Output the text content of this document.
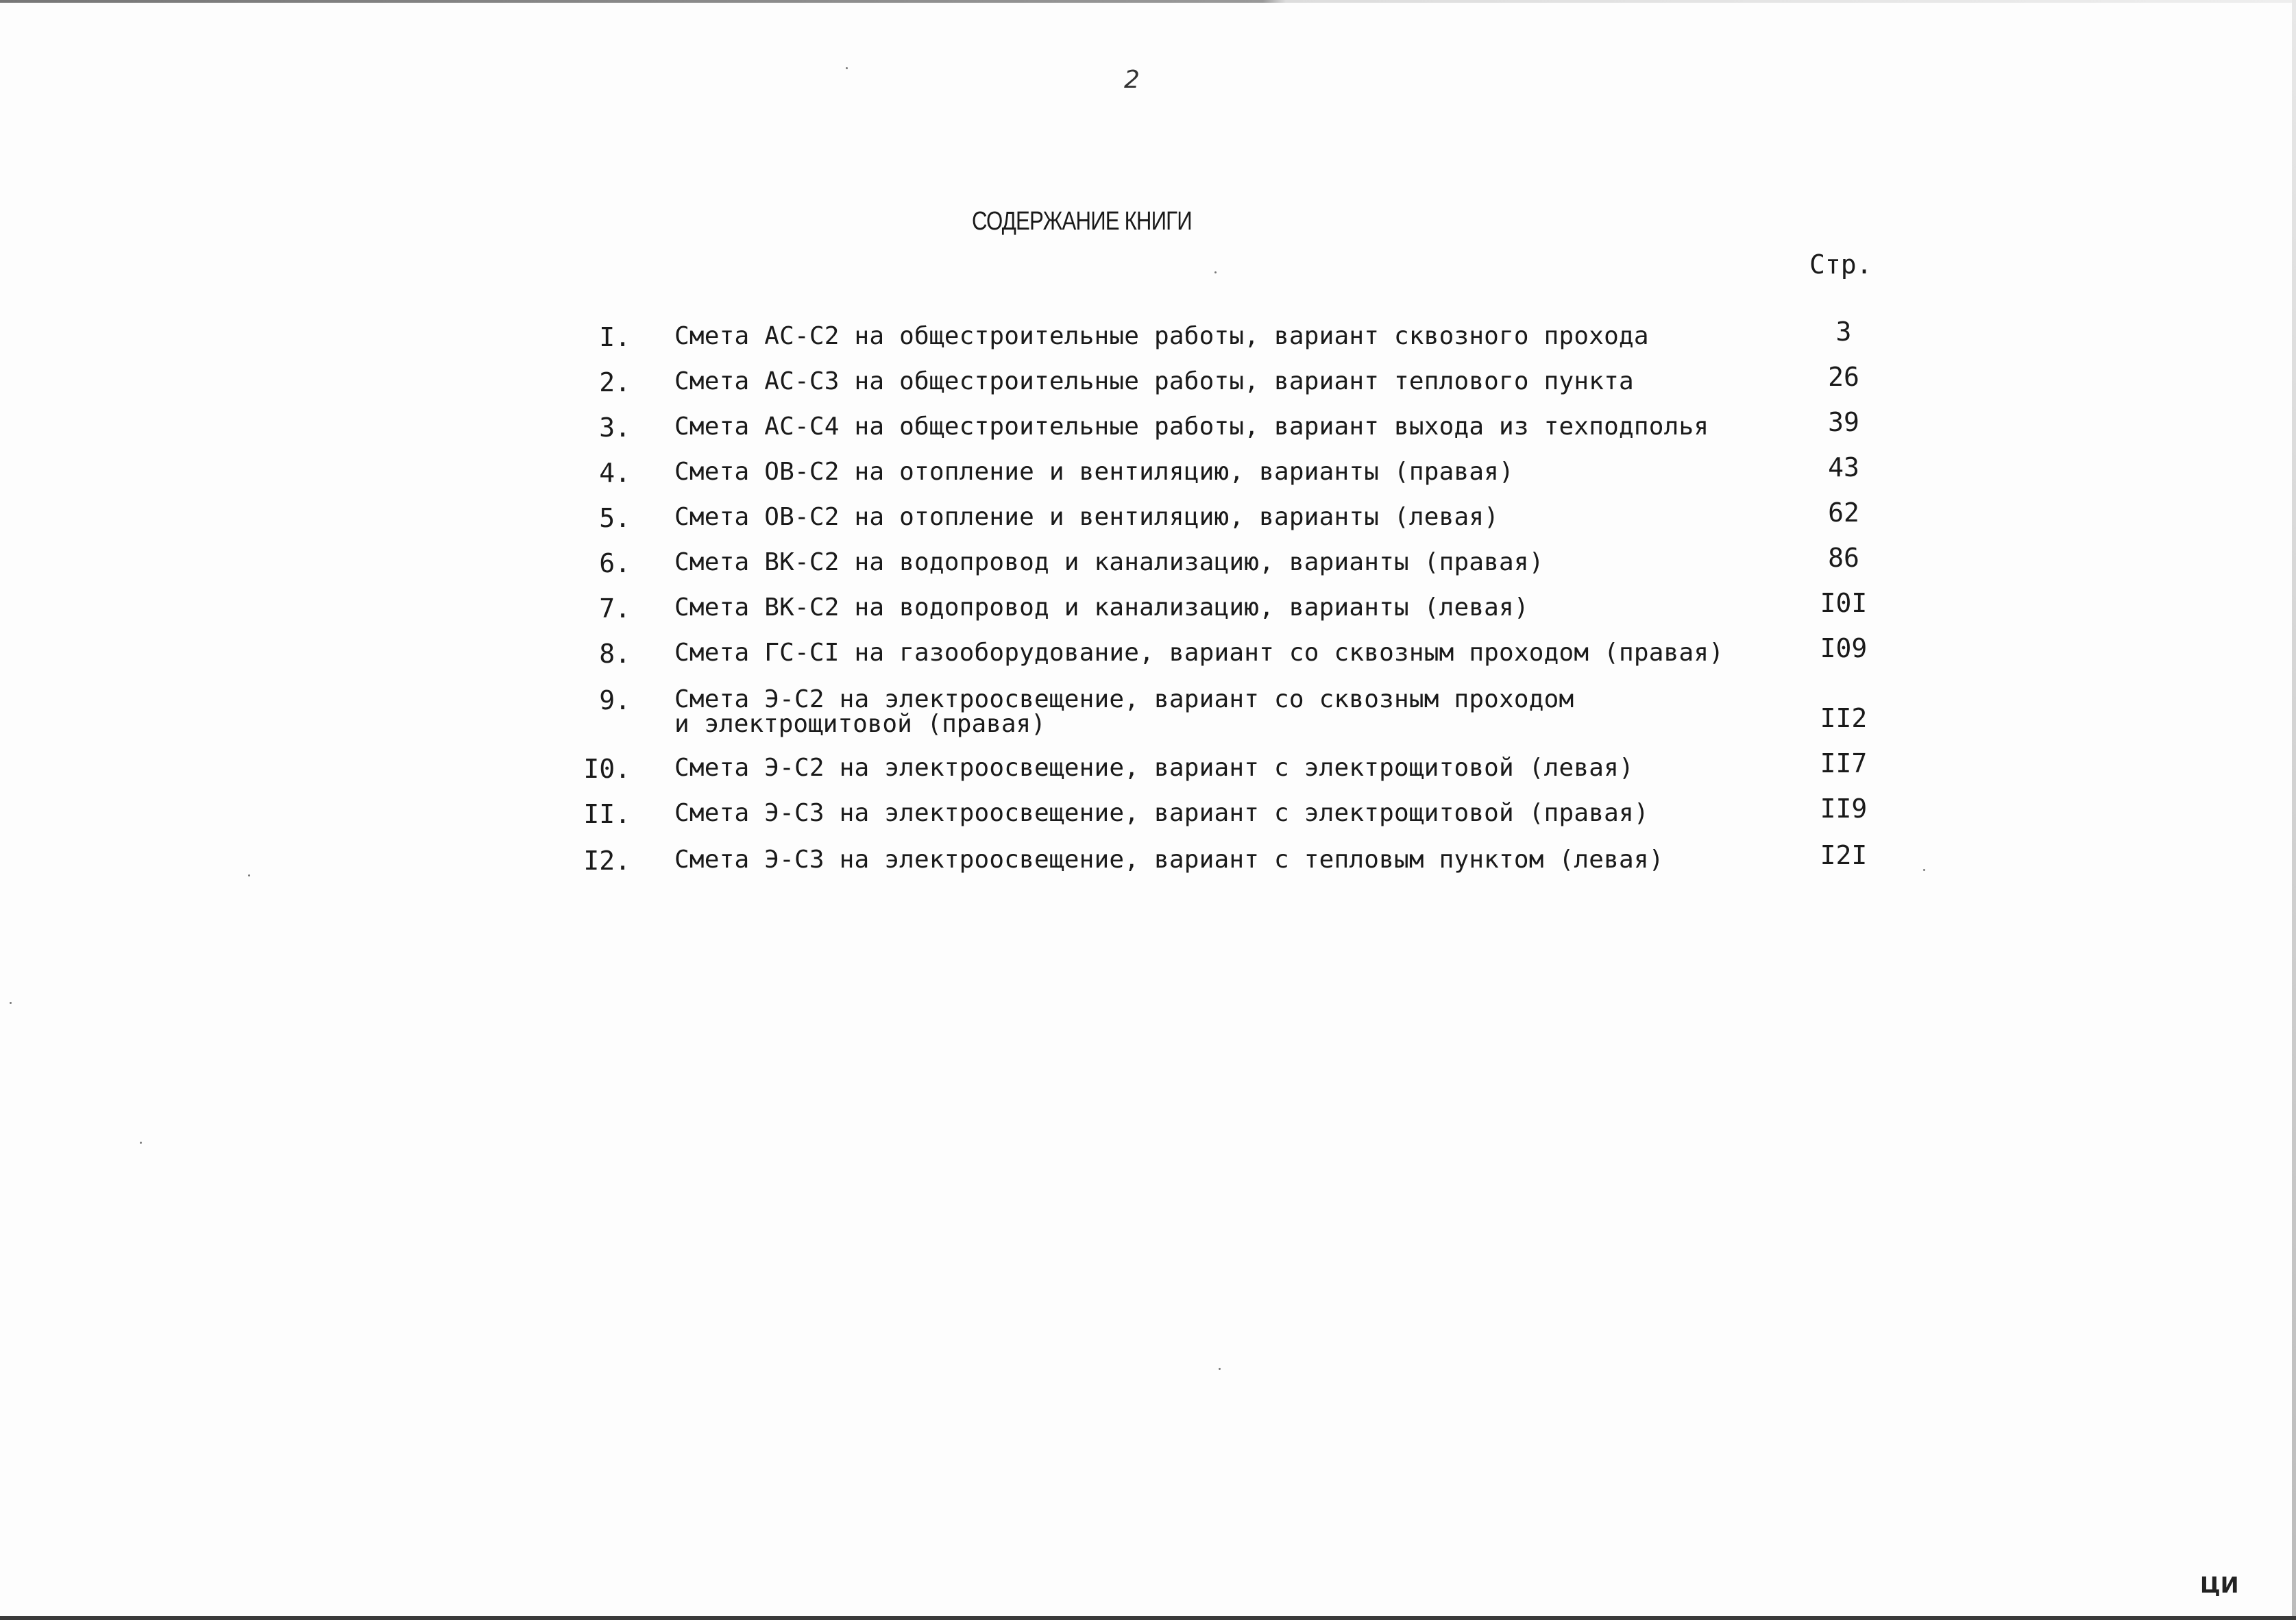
2
СОДЕРЖАНИЕ КНИГИ
Стр.
I. Смета АС-С2 на общестроительные работы, вариант сквозного прохода	3
2. Смета АС-С3 на общестроительные работы, вариант теплового пункта	26
3. Смета АС-С4 на общестроительные работы, вариант выхода из техподполья	39
4. Смета ОВ-С2 на отопление и вентиляцию, варианты (правая)	43
5. Смета ОВ-С2 на отопление и вентиляцию, варианты (левая)	62
6. Смета ВК-С2 на водопровод и канализацию, варианты (правая)	86
7. Смета ВК-С2 на водопровод и канализацию, варианты (левая)	I0I
8. Смета ГС-СI на газооборудование, вариант со сквозным проходом (правая)	I09
9. Смета Э-С2 на электроосвещение, вариант со сквозным проходом
и электрощитовой (правая)	II2
I0. Смета Э-С2 на электроосвещение, вариант с электрощитовой (левая)	II7
II. Смета Э-С3 на электроосвещение, вариант с электрощитовой (правая)	II9
I2. Смета Э-С3 на электроосвещение, вариант с тепловым пунктом (левая)	I2I
ЦИ
